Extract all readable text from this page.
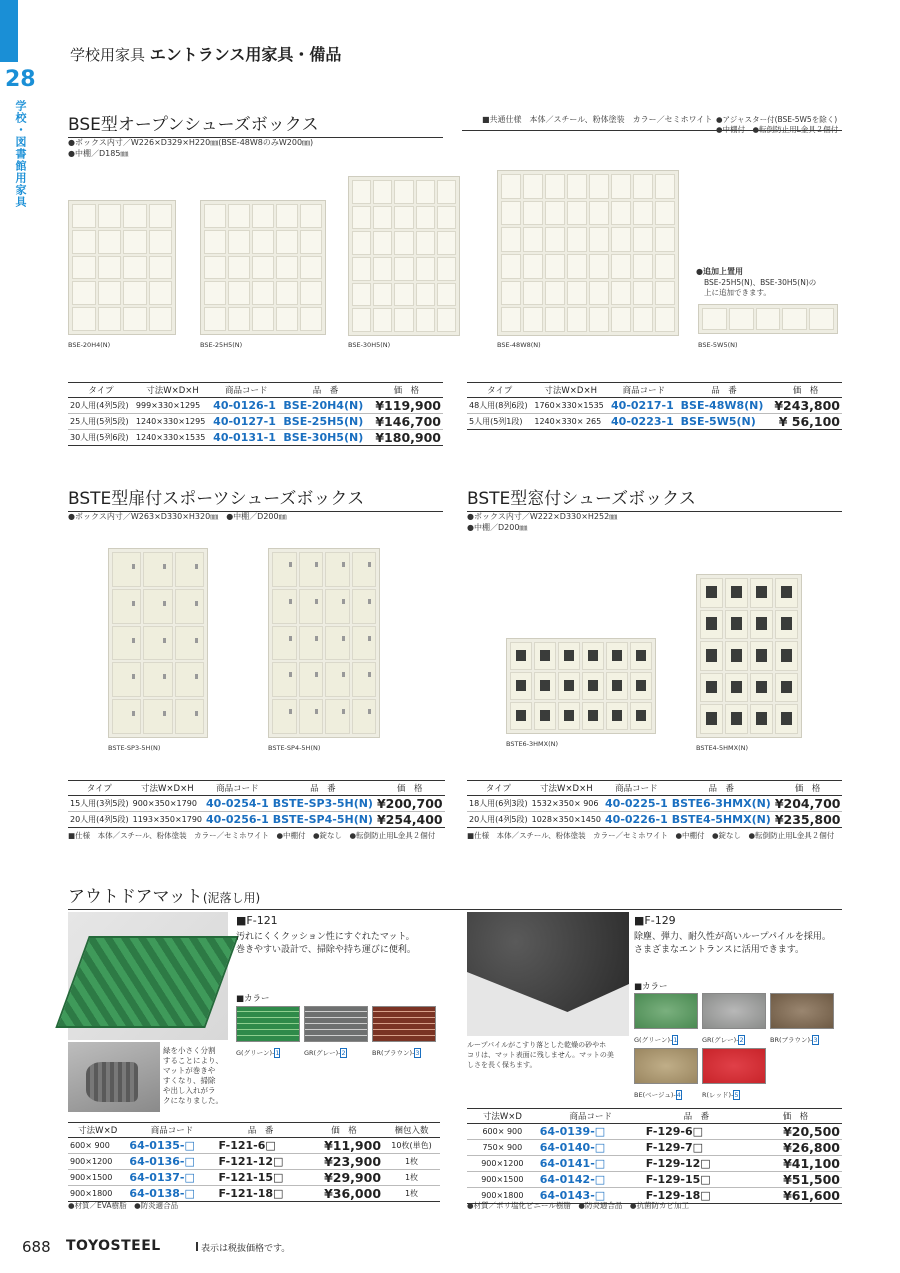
28
学校・図書館用家具
学校用家具 エントランス用家具・備品
BSE型オープンシューズボックス
●ボックス内寸／W226×D329×H220㎜(BSE-48W8のみW200㎜)
●中棚／D185㎜
■共通仕様　本体／スチール、粉体塗装　カラー／セミホワイト ●アジャスター付(BSE-5W5を除く)
●中棚付　●転倒防止用L金具２個付
BSE-20H4(N)	BSE-25H5(N)	BSE-30H5(N)	BSE-48W8(N)	BSE-5W5(N)
●追加上置用
BSE-25H5(N)、BSE-30H5(N)の
上に追加できます。
タイプ	寸法W×D×H	商品コード	品　番	価　格
20人用(4列5段)	999×330×1295	40-0126-1	BSE-20H4(N)	¥119,900
25人用(5列5段)	1240×330×1295	40-0127-1	BSE-25H5(N)	¥146,700
30人用(5列6段)	1240×330×1535	40-0131-1	BSE-30H5(N)	¥180,900
タイプ	寸法W×D×H	商品コード	品　番	価　格
48人用(8列6段)	1760×330×1535	40-0217-1	BSE-48W8(N)	¥243,800
5人用(5列1段)	1240×330× 265	40-0223-1	BSE-5W5(N)	¥ 56,100
BSTE型扉付スポーツシューズボックス
●ボックス内寸／W263×D330×H320㎜　●中棚／D200㎜
BSTE-SP3-5H(N)	BSTE-SP4-5H(N)
タイプ	寸法W×D×H	商品コード	品　番	価　格
15人用(3列5段)	900×350×1790	40-0254-1	BSTE-SP3-5H(N)	¥200,700
20人用(4列5段)	1193×350×1790	40-0256-1	BSTE-SP4-5H(N)	¥254,400
■仕様　本体／スチール、粉体塗装　カラー／セミホワイト　●中棚付　●錠なし　●転倒防止用L金具２個付
BSTE型窓付シューズボックス
●ボックス内寸／W222×D330×H252㎜
●中棚／D200㎜
BSTE6-3HMX(N)	BSTE4-5HMX(N)
タイプ	寸法W×D×H	商品コード	品　番	価　格
18人用(6列3段)	1532×350× 906	40-0225-1	BSTE6-3HMX(N)	¥204,700
20人用(4列5段)	1028×350×1450	40-0226-1	BSTE4-5HMX(N)	¥235,800
■仕様　本体／スチール、粉体塗装　カラー／セミホワイト　●中棚付　●錠なし　●転倒防止用L金具２個付
アウトドアマット(泥落し用)
緑を小さく分割
することにより、
マットが巻きや
すくなり、掃除
や出し入れがラ
クになりました。
■F-121
汚れにくくクッション性にすぐれたマット。
巻きやすい設計で、掃除や持ち運びに便利。
■カラー
G(グリーン)-1	GR(グレー)-2	BR(ブラウン)-3
寸法W×D	商品コード	品　番	価　格	梱包入数
600× 900	64-0135-□	F-121-6□	¥11,900	10枚(単色)
900×1200	64-0136-□	F-121-12□	¥23,900	1枚
900×1500	64-0137-□	F-121-15□	¥29,900	1枚
900×1800	64-0138-□	F-121-18□	¥36,000	1枚
●材質／EVA樹脂　●防炎適合品
ループパイルがこすり落とした乾燥の砂やホ
コリは、マット表面に残しません。マットの美
しさを長く保ちます。
■F-129
除塵、弾力、耐久性が高いループパイルを採用。
さまざまなエントランスに活用できます。
■カラー
G(グリーン)-1	GR(グレー)-2	BR(ブラウン)-3
BE(ベージュ)-4	R(レッド)-5
寸法W×D	商品コード	品　番	価　格
600× 900	64-0139-□	F-129-6□	¥20,500
750× 900	64-0140-□	F-129-7□	¥26,800
900×1200	64-0141-□	F-129-12□	¥41,100
900×1500	64-0142-□	F-129-15□	¥51,500
900×1800	64-0143-□	F-129-18□	¥61,600
●材質／ポリ塩化ビニール樹脂　●防炎適合品　●抗菌防カビ加工
688 TOYOSTEEL	表示は税抜価格です。
